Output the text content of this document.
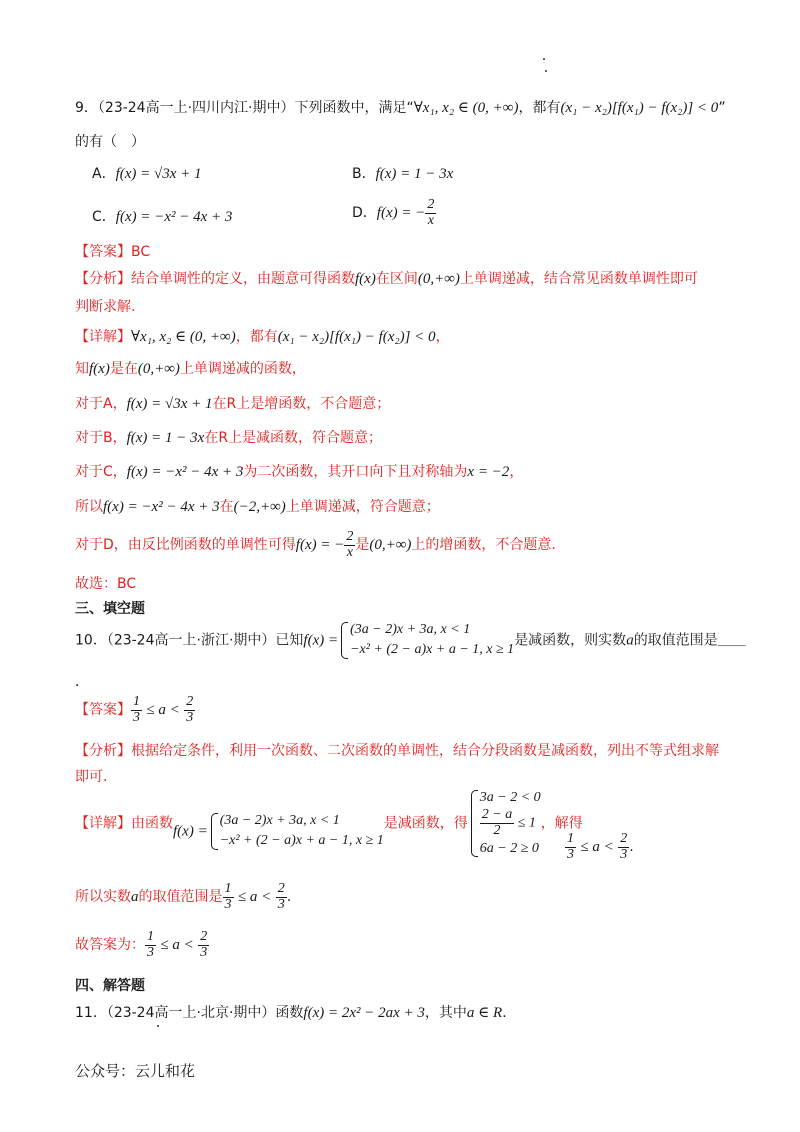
9．（23-24高一上·四川内江·期中）下列函数中，满足“∀x₁, x₂ ∈ (0, +∞)，都有(x₁ − x₂)[f(x₁) − f(x₂)] < 0”
的有（　）
A．f(x) = √3x + 1	B．f(x) = 1 − 3x
C．f(x) = −x² − 4x + 3	D．f(x) = − $\frac{2}{x}$
【答案】BC
【分析】结合单调性的定义，由题意可得函数f(x)在区间(0,+∞)上单调递减，结合常见函数单调性即可
判断求解.
【详解】∀x₁, x₂ ∈ (0, +∞)，都有(x₁ − x₂)[f(x₁) − f(x₂)] < 0，
知f(x)是在(0,+∞)上单调递减的函数，
对于A，f(x) = √3x + 1在R上是增函数，不合题意；
对于B，f(x) = 1 − 3x在R上是减函数，符合题意；
对于C，f(x) = −x² − 4x + 3为二次函数，其开口向下且对称轴为x = −2，
所以f(x) = −x² − 4x + 3在(−2,+∞)上单调递减，符合题意；
对于D，由反比例函数的单调性可得f(x) = − $\frac{2}{x}$ 是(0,+∞)上的增函数，不合题意.
故选：BC
三、填空题
10．（23-24高一上·浙江·期中）已知f(x) =
(3a − 2)x + 3a, x < 1
−x² + (2 − a)x + a − 1, x ≥ 1
是减函数，则实数a的取值范围是＿＿
．
【答案】 $\frac{1}{3} \le a < \frac{2}{3}$
【分析】根据给定条件，利用一次函数、二次函数的单调性，结合分段函数是减函数，列出不等式组求解
即可.
【详解】由函数f(x) =
(3a − 2)x + 3a, x < 1
−x² + (2 − a)x + a − 1, x ≥ 1
是减函数，得
3a − 2 < 0
$\frac{2 - a}{2} \le 1$
6a − 2 ≥ 0
，解得
$\frac{1}{3} \le a < \frac{2}{3}$ .
所以实数a的取值范围是 $\frac{1}{3} \le a < \frac{2}{3}$ .
故答案为： $\frac{1}{3} \le a < \frac{2}{3}$
四、解答题
11．（23-24高一上·北京·期中）函数f(x) = 2x² − 2ax + 3，其中a ∈ R．
公众号：云儿和花
